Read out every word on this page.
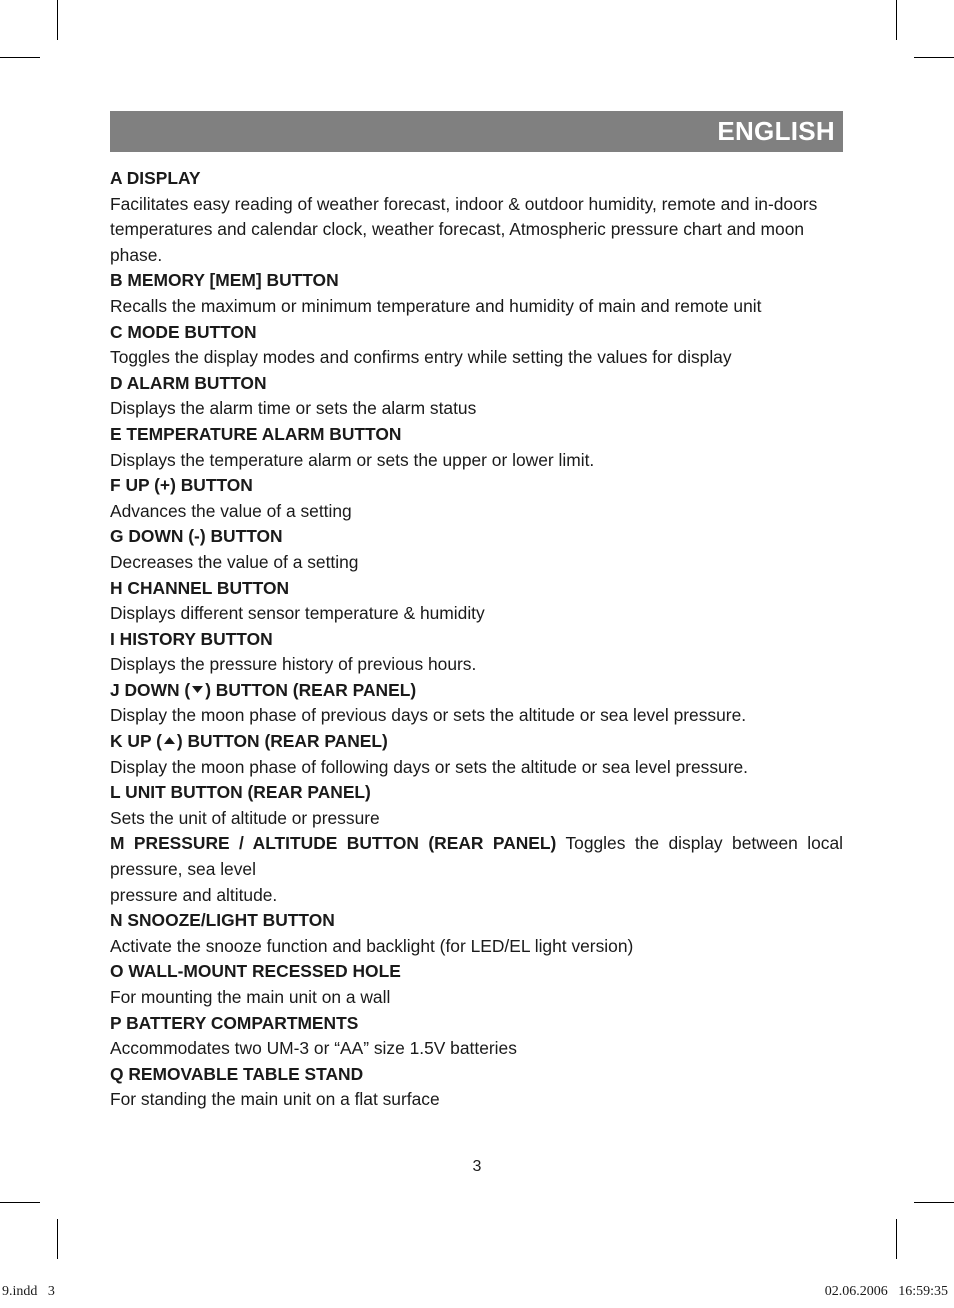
ENGLISH

A DISPLAY

Facilitates easy reading of weather forecast, indoor & outdoor humidity, remote and in-doors temperatures and calendar clock, weather forecast, Atmospheric pressure chart and moon phase.

B MEMORY [MEM] BUTTON

Recalls the maximum or minimum temperature and humidity of main and remote unit

C MODE BUTTON

Toggles the display modes and confirms entry while setting the values for display

D ALARM BUTTON

Displays the alarm time or sets the alarm status

E TEMPERATURE ALARM BUTTON

Displays the temperature alarm or sets the upper or lower limit.

F UP (+) BUTTON

Advances the value of a setting

G DOWN (-) BUTTON

Decreases the value of a setting

H CHANNEL BUTTON

Displays different sensor temperature & humidity

I HISTORY BUTTON

Displays the pressure history of previous hours.

J DOWN ( ) BUTTON (REAR PANEL)

Display the moon phase of previous days or sets the altitude or sea level pressure.

K UP ( ) BUTTON (REAR PANEL)

Display the moon phase of following days or sets the altitude or sea level pressure.

L UNIT BUTTON (REAR PANEL)

Sets the unit of altitude or pressure

M PRESSURE / ALTITUDE BUTTON (REAR PANEL) Toggles the display between local pressure, sea level

pressure and altitude.

N SNOOZE/LIGHT BUTTON

Activate the snooze function and backlight (for LED/EL light version)

O WALL-MOUNT RECESSED HOLE

For mounting the main unit on a wall

P BATTERY COMPARTMENTS

Accommodates two UM-3 or “AA” size 1.5V batteries

Q REMOVABLE TABLE STAND

For standing the main unit on a flat surface

3
9.indd   3	02.06.2006   16:59:35
